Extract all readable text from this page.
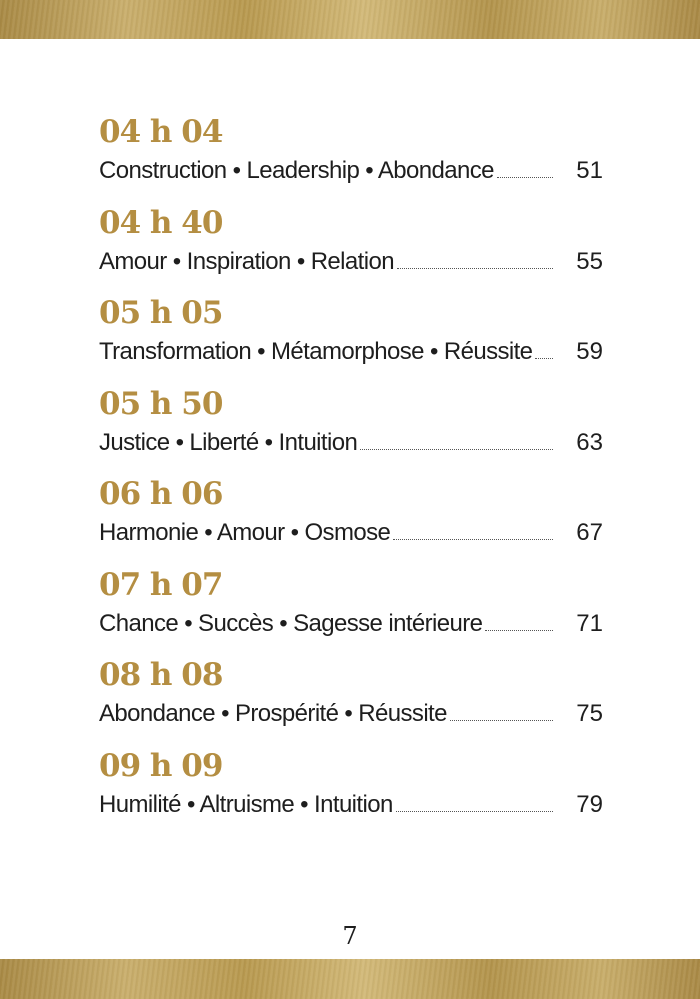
04 h 04
Construction • Leadership • Abondance	51
04 h 40
Amour • Inspiration • Relation	55
05 h 05
Transformation • Métamorphose • Réussite	59
05 h 50
Justice • Liberté • Intuition	63
06 h 06
Harmonie • Amour • Osmose	67
07 h 07
Chance • Succès • Sagesse intérieure	71
08 h 08
Abondance • Prospérité • Réussite	75
09 h 09
Humilité • Altruisme • Intuition	79
7
